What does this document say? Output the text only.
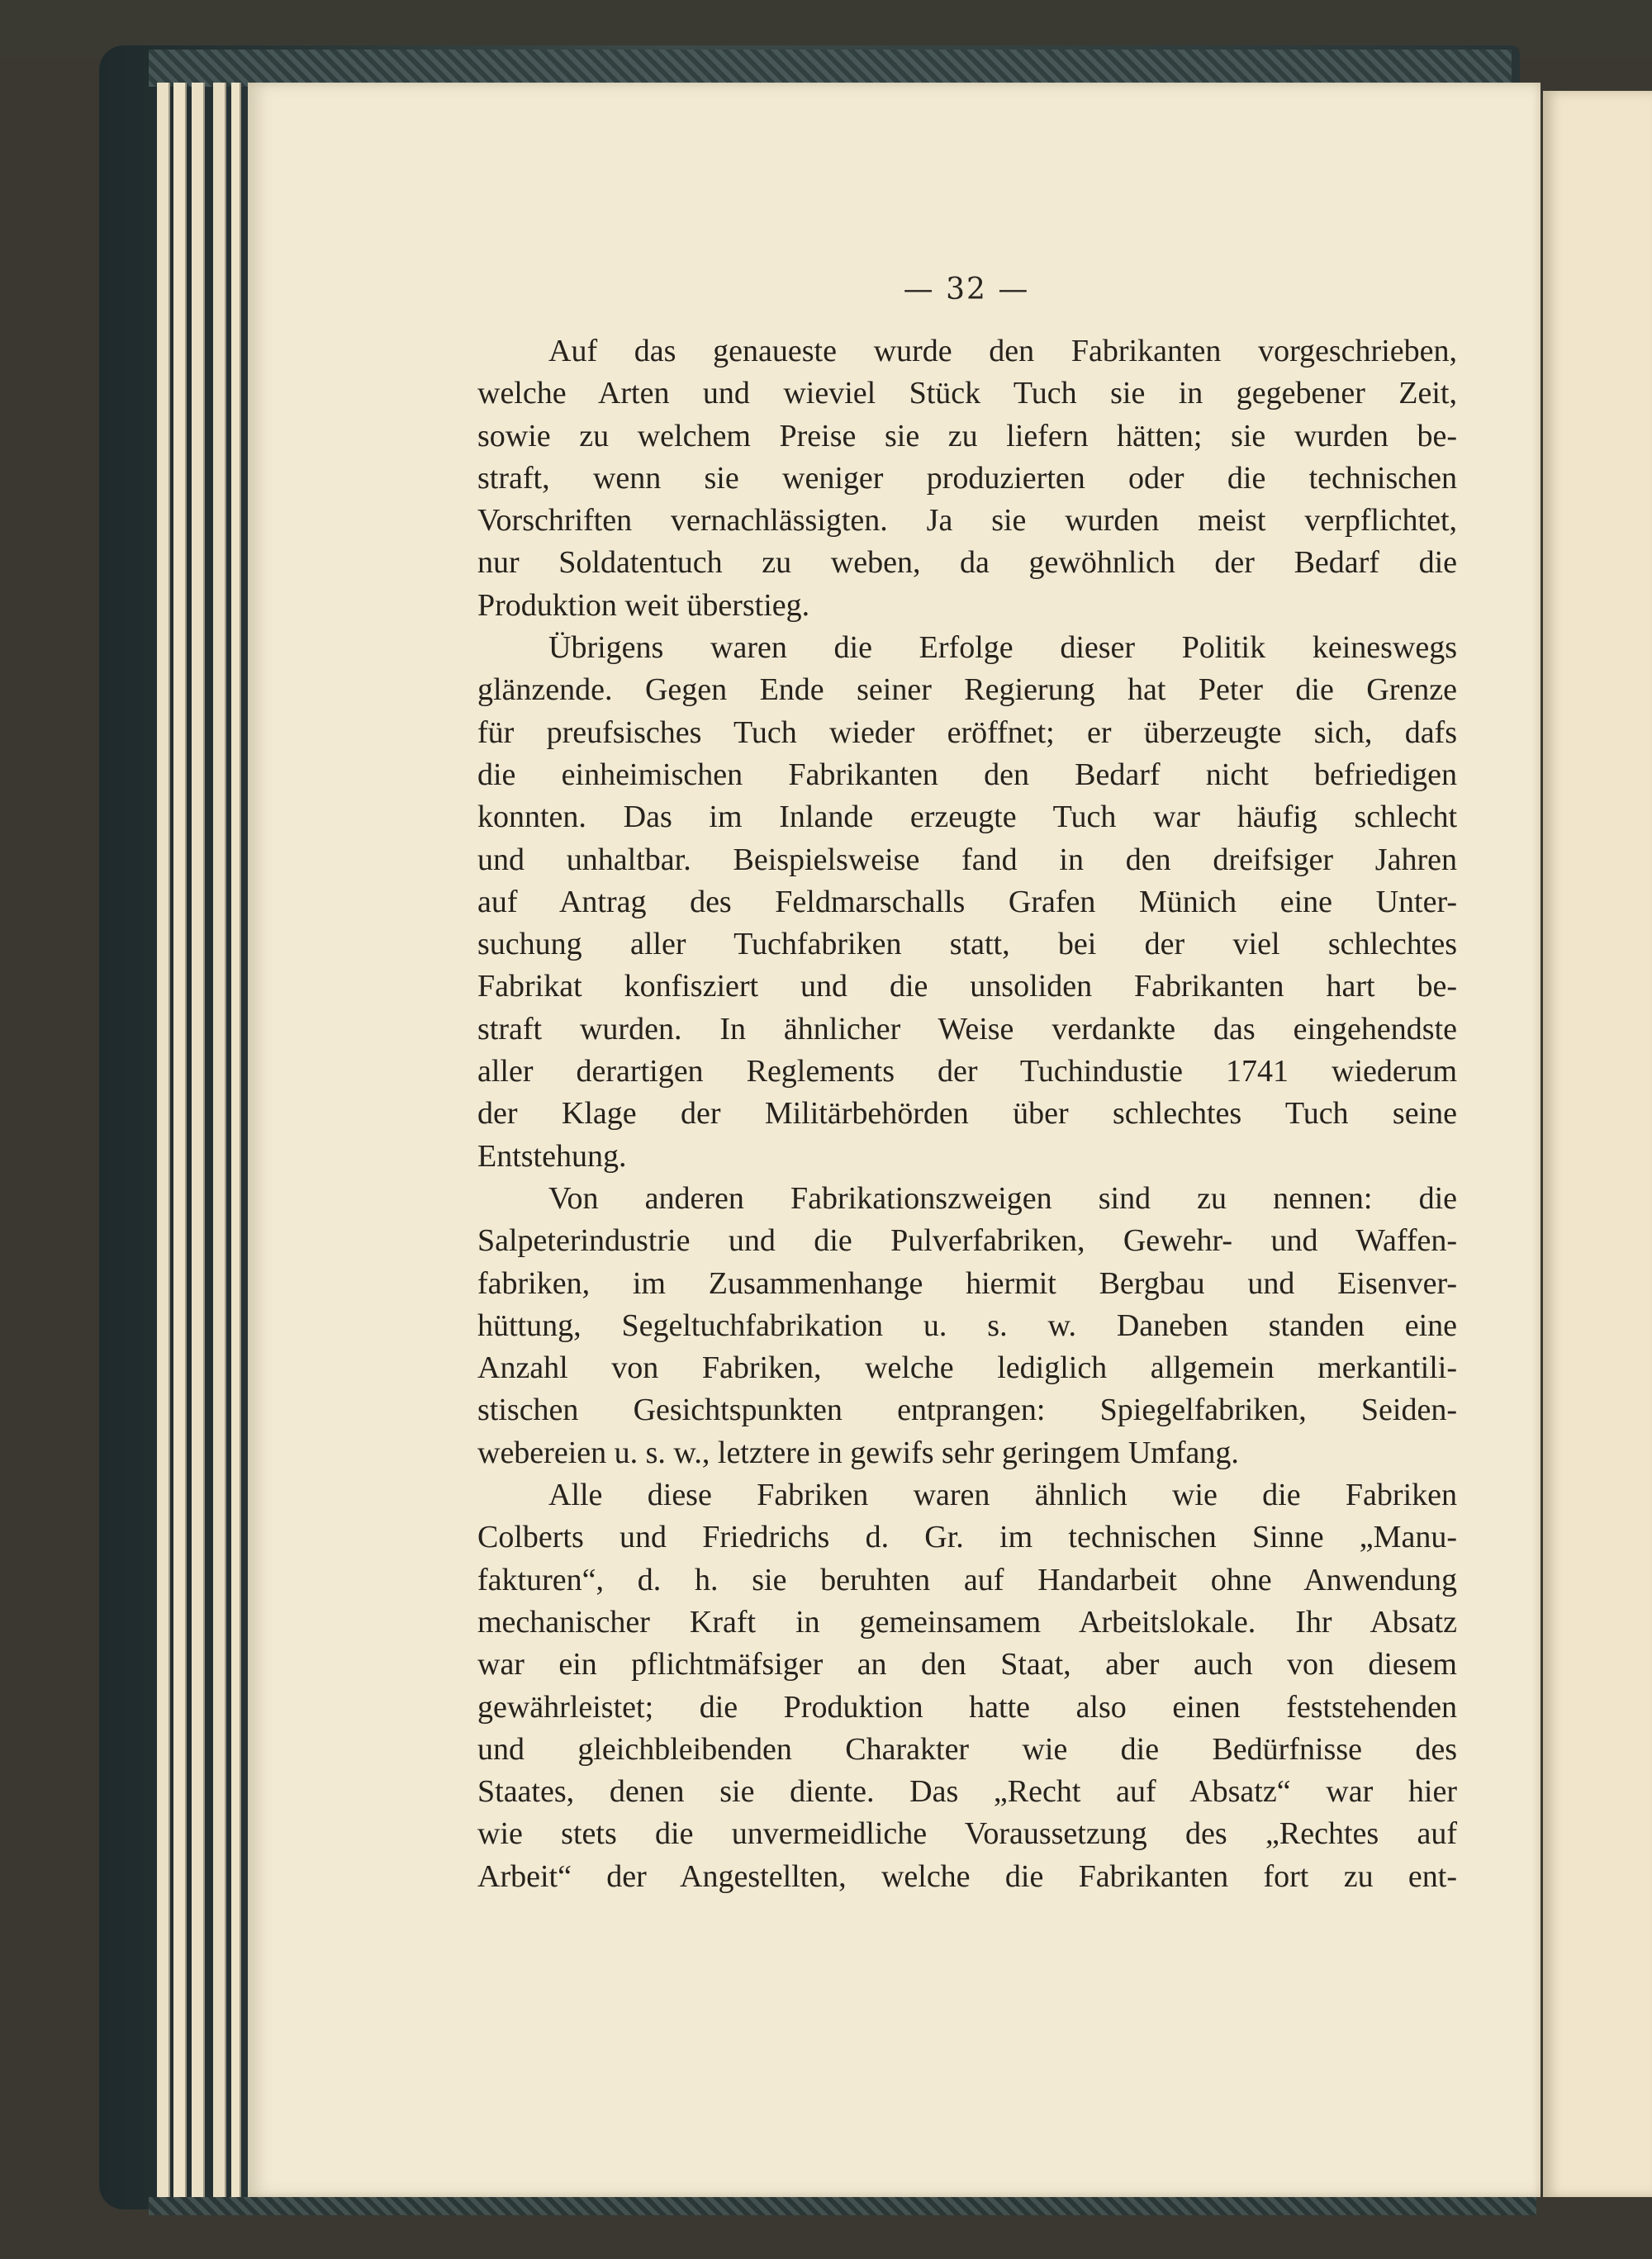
— 32 —

Auf das genaueste wurde den Fabrikanten vorgeschrieben,

welche Arten und wieviel Stück Tuch sie in gegebener Zeit,

sowie zu welchem Preise sie zu liefern hätten; sie wurden be-

straft, wenn sie weniger produzierten oder die technischen

Vorschriften vernachlässigten. Ja sie wurden meist verpflichtet,

nur Soldatentuch zu weben, da gewöhnlich der Bedarf die

Produktion weit überstieg.

Übrigens waren die Erfolge dieser Politik keineswegs

glänzende. Gegen Ende seiner Regierung hat Peter die Grenze

für preufsisches Tuch wieder eröffnet; er überzeugte sich, dafs

die einheimischen Fabrikanten den Bedarf nicht befriedigen

konnten. Das im Inlande erzeugte Tuch war häufig schlecht

und unhaltbar. Beispielsweise fand in den dreifsiger Jahren

auf Antrag des Feldmarschalls Grafen Münich eine Unter-

suchung aller Tuchfabriken statt, bei der viel schlechtes

Fabrikat konfisziert und die unsoliden Fabrikanten hart be-

straft wurden. In ähnlicher Weise verdankte das eingehendste

aller derartigen Reglements der Tuchindustie 1741 wiederum

der Klage der Militärbehörden über schlechtes Tuch seine

Entstehung.

Von anderen Fabrikationszweigen sind zu nennen: die

Salpeterindustrie und die Pulverfabriken, Gewehr- und Waffen-

fabriken, im Zusammenhange hiermit Bergbau und Eisenver-

hüttung, Segeltuchfabrikation u. s. w. Daneben standen eine

Anzahl von Fabriken, welche lediglich allgemein merkantili-

stischen Gesichtspunkten entprangen: Spiegelfabriken, Seiden-

webereien u. s. w., letztere in gewifs sehr geringem Umfang.

Alle diese Fabriken waren ähnlich wie die Fabriken

Colberts und Friedrichs d. Gr. im technischen Sinne „Manu-

fakturen“, d. h. sie beruhten auf Handarbeit ohne Anwendung

mechanischer Kraft in gemeinsamem Arbeitslokale. Ihr Absatz

war ein pflichtmäfsiger an den Staat, aber auch von diesem

gewährleistet; die Produktion hatte also einen feststehenden

und gleichbleibenden Charakter wie die Bedürfnisse des

Staates, denen sie diente. Das „Recht auf Absatz“ war hier

wie stets die unvermeidliche Voraussetzung des „Rechtes auf

Arbeit“ der Angestellten, welche die Fabrikanten fort zu ent-
